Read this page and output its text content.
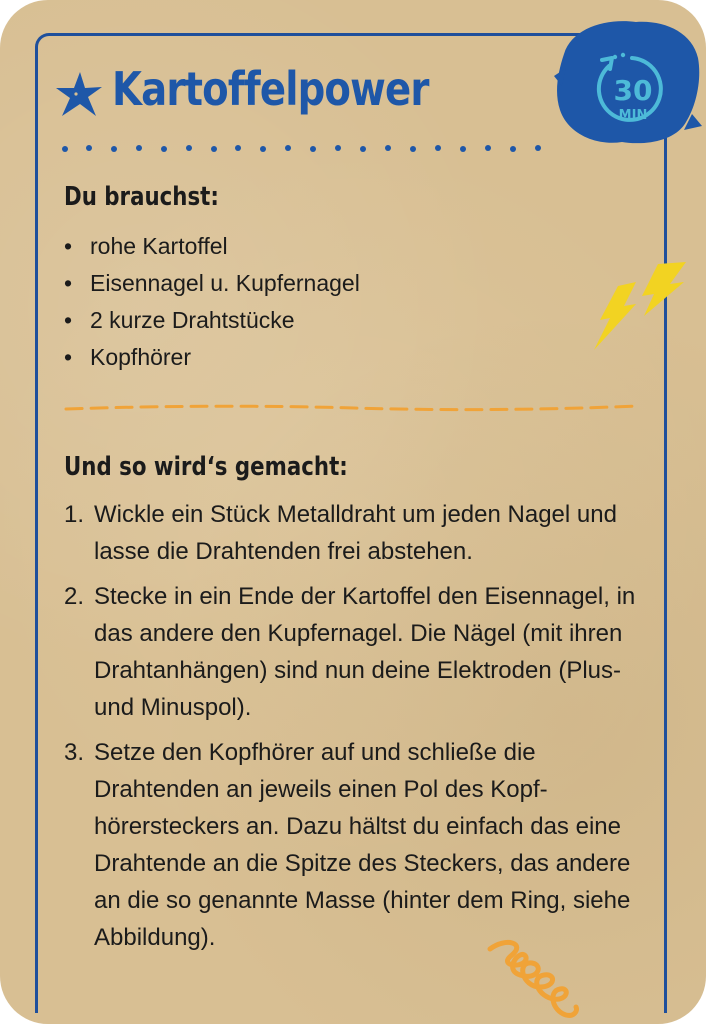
Kartoffelpower	30
MIN
Du brauchst:
• rohe Kartoffel
• Eisennagel u. Kupfernagel
• 2 kurze Drahtstücke
• Kopfhörer
Und so wird‘s gemacht:
1. Wickle ein Stück Metalldraht um jeden Nagel und lasse die Drahtenden frei abstehen.
2. Stecke in ein Ende der Kartoffel den Eisennagel, in das andere den Kupfernagel. Die Nägel (mit ihren Drahtanhängen) sind nun deine Elektroden (Plus- und Minuspol).
3. Setze den Kopfhörer auf und schließe die Drahtenden an jeweils einen Pol des Kopfhörersteckers an. Dazu hältst du einfach das eine Drahtende an die Spitze des Steckers, das andere an die so genannte Masse (hinter dem Ring, siehe Abbildung).
